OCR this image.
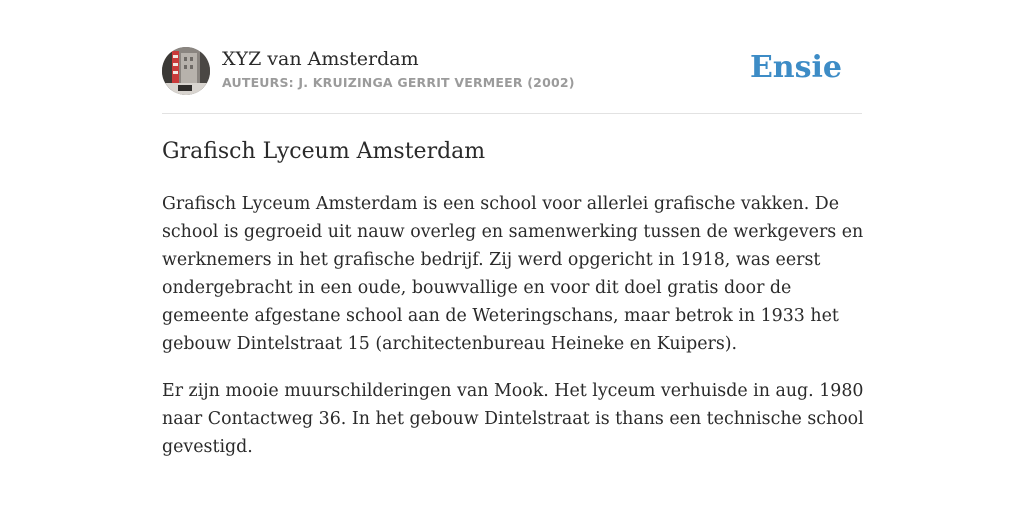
XYZ van Amsterdam
AUTEURS: J. KRUIZINGA GERRIT VERMEER (2002)	Ensie
Grafisch Lyceum Amsterdam

Grafisch Lyceum Amsterdam is een school voor allerlei grafische vakken. De school is gegroeid uit nauw overleg en samenwerking tussen de werkgevers en werknemers in het grafische bedrijf. Zij werd opgericht in 1918, was eerst ondergebracht in een oude, bouwvallige en voor dit doel gratis door de gemeente afgestane school aan de Weteringschans, maar betrok in 1933 het gebouw Dintelstraat 15 (architectenbureau Heineke en Kuipers).

Er zijn mooie muurschilderingen van Mook. Het lyceum verhuisde in aug. 1980 naar Contactweg 36. In het gebouw Dintelstraat is thans een technische school gevestigd.
